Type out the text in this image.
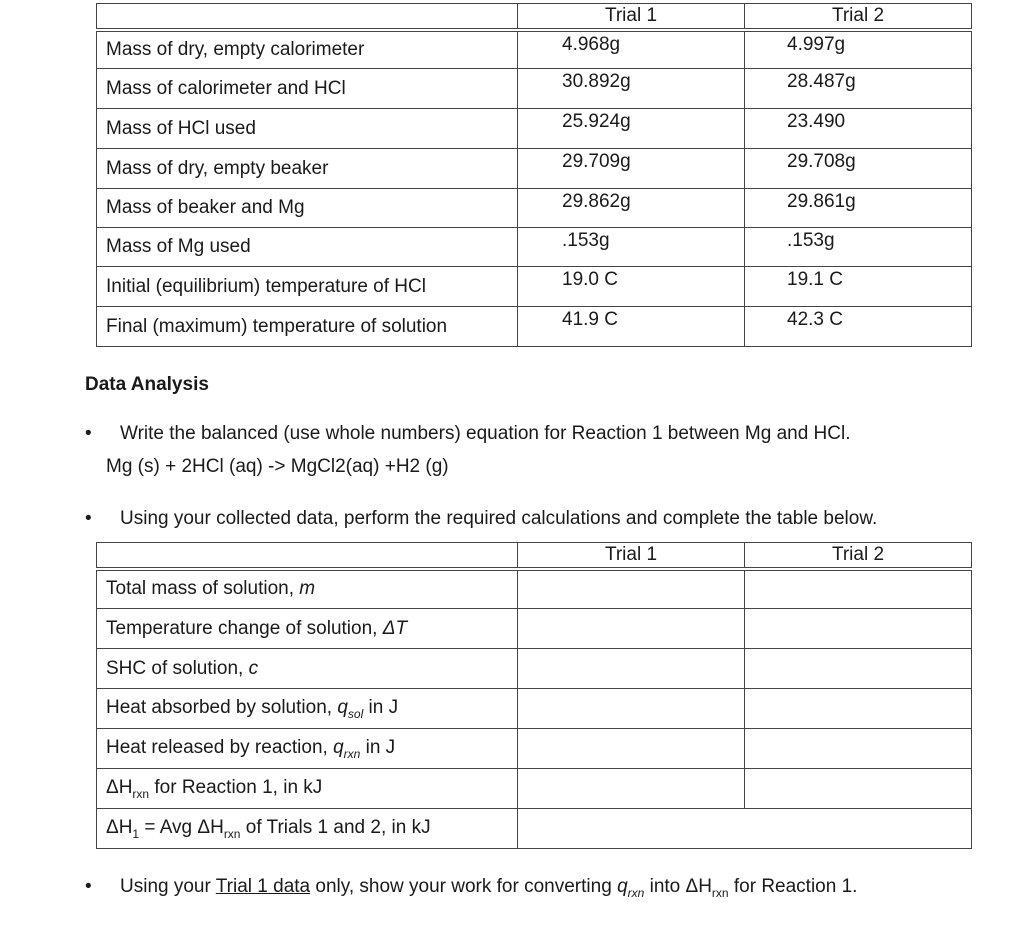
	Trial 1	Trial 2
Mass of dry, empty calorimeter	4.968g	4.997g
Mass of calorimeter and HCl	30.892g	28.487g
Mass of HCl used	25.924g	23.490
Mass of dry, empty beaker	29.709g	29.708g
Mass of beaker and Mg	29.862g	29.861g
Mass of Mg used	.153g	.153g
Initial (equilibrium) temperature of HCl	19.0 C	19.1 C
Final (maximum) temperature of solution	41.9 C	42.3 C
Data Analysis
• Write the balanced (use whole numbers) equation for Reaction 1 between Mg and HCl.
Mg (s) + 2HCl (aq) -> MgCl2(aq) +H2 (g)
• Using your collected data, perform the required calculations and complete the table below.
	Trial 1	Trial 2
Total mass of solution, m		
Temperature change of solution, ΔT		
SHC of solution, c		
Heat absorbed by solution, $q_{sol}$ in J		
Heat released by reaction, $q_{rxn}$ in J		
$\Delta H_{rxn}$ for Reaction 1, in kJ		
$\Delta H_1$ = Avg $\Delta H_{rxn}$ of Trials 1 and 2, in kJ		
• Using your Trial 1 data only, show your work for converting $q_{rxn}$ into $\Delta H_{rxn}$ for Reaction 1.
